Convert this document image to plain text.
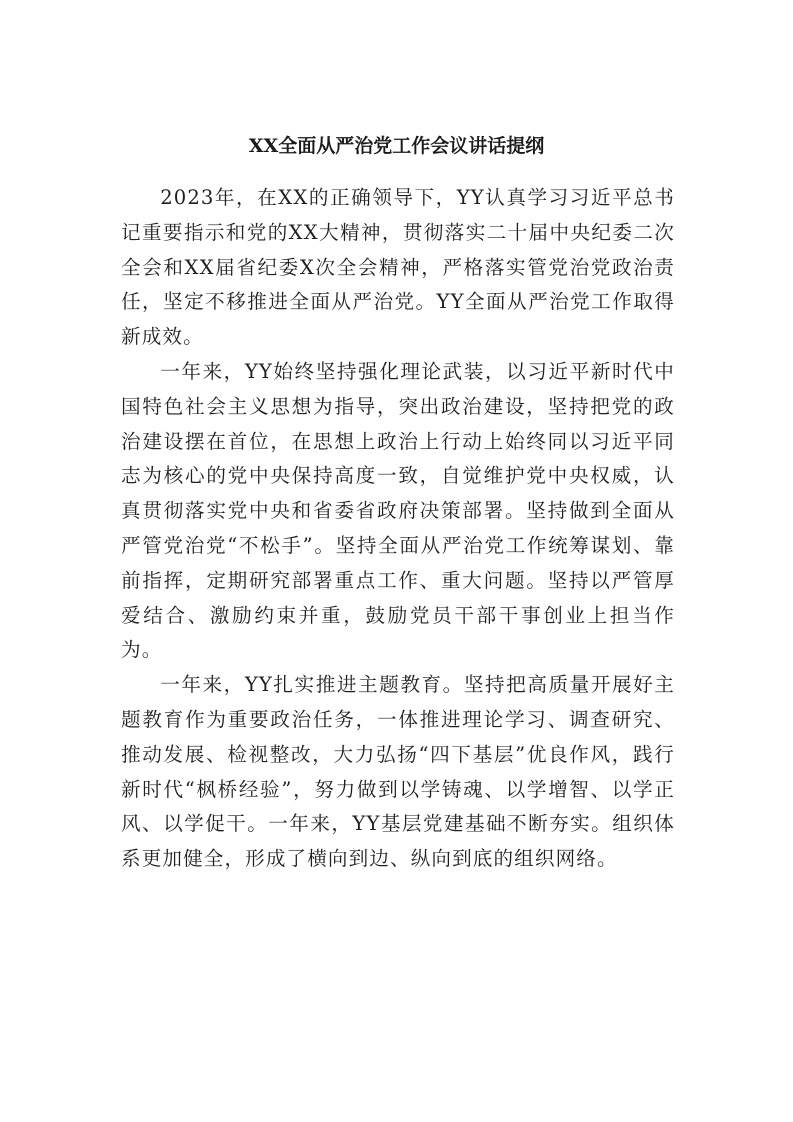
XX全面从严治党工作会议讲话提纲

2023年，在XX的正确领导下，YY认真学习习近平总书记重要指示和党的XX大精神，贯彻落实二十届中央纪委二次全会和XX届省纪委X次全会精神，严格落实管党治党政治责任，坚定不移推进全面从严治党。YY全面从严治党工作取得新成效。

一年来，YY始终坚持强化理论武装，以习近平新时代中国特色社会主义思想为指导，突出政治建设，坚持把党的政治建设摆在首位，在思想上政治上行动上始终同以习近平同志为核心的党中央保持高度一致，自觉维护党中央权威，认真贯彻落实党中央和省委省政府决策部署。坚持做到全面从严管党治党“不松手”。坚持全面从严治党工作统筹谋划、靠前指挥，定期研究部署重点工作、重大问题。坚持以严管厚爱结合、激励约束并重，鼓励党员干部干事创业上担当作为。

一年来，YY扎实推进主题教育。坚持把高质量开展好主题教育作为重要政治任务，一体推进理论学习、调查研究、推动发展、检视整改，大力弘扬“四下基层”优良作风，践行新时代“枫桥经验”，努力做到以学铸魂、以学增智、以学正风、以学促干。一年来，YY基层党建基础不断夯实。组织体系更加健全，形成了横向到边、纵向到底的组织网络。
